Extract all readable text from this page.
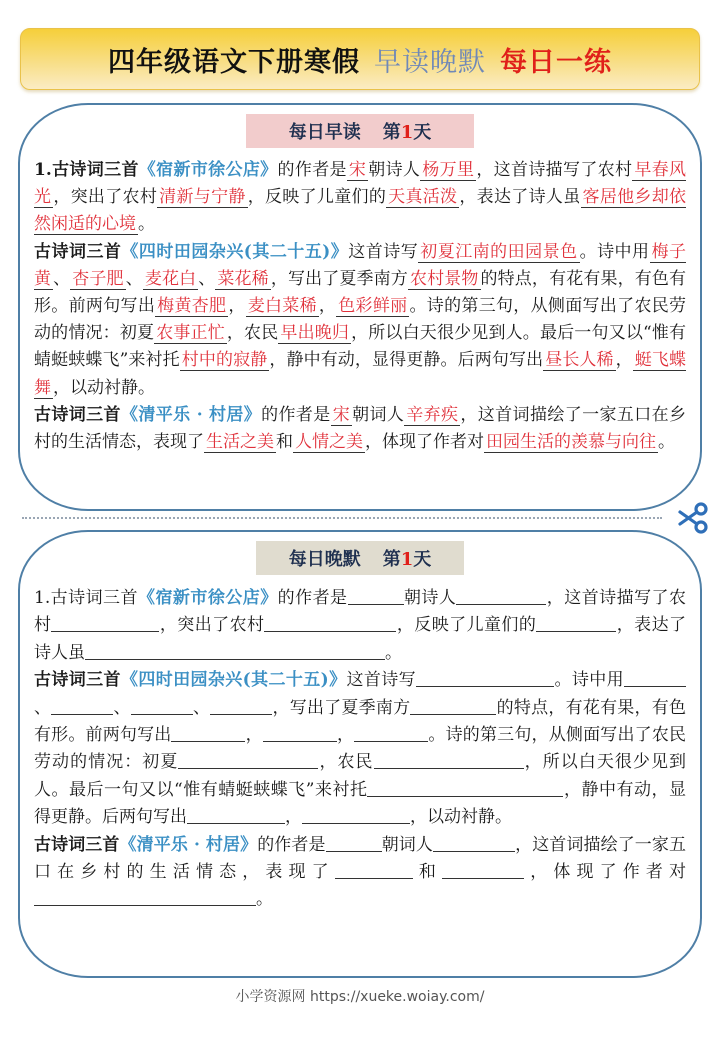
四年级语文下册寒假 早读晚默 每日一练
每日早读 第1天

1.古诗词三首《宿新市徐公店》的作者是 宋 朝诗人 杨万里 ，这首诗描写了农村 早春风光 ，突出了农村 清新与宁静 ，反映了儿童们的 天真活泼 ，表达了诗人虽 客居他乡却依然闲适的心境 。

古诗词三首《四时田园杂兴(其二十五)》这首诗写 初夏江南的田园景色 。诗中用 梅子黄 、 杏子肥 、 麦花白 、 菜花稀 ，写出了夏季南方 农村景物 的特点，有花有果，有色有形。前两句写出 梅黄杏肥 ， 麦白菜稀 ， 色彩鲜丽 。诗的第三句，从侧面写出了农民劳动的情况：初夏 农事正忙 ，农民 早出晚归 ，所以白天很少见到人。最后一句又以“惟有蜻蜓蛱蝶飞”来衬托 村中的寂静 ，静中有动，显得更静。后两句写出 昼长人稀 ， 蜓飞蝶舞 ，以动衬静。

古诗词三首《清平乐 · 村居》的作者是 宋 朝词人 辛弃疾 ，这首词描绘了一家五口在乡村的生活情态，表现了 生活之美 和 人情之美 ，体现了作者对 田园生活的羡慕与向往 。

每日晚默 第1天

1.古诗词三首《宿新市徐公店》的作者是	朝诗人	，这首诗描写了农村	，突出了农村	，反映了儿童们的	，表达了诗人虽	。

古诗词三首《四时田园杂兴(其二十五)》这首诗写	。诗中用、	、	、	，写出了夏季南方	的特点，有花有果，有色有形。前两句写出	，	，	。诗的第三句，从侧面写出了农民劳动的情况：初夏	，农民	，所以白天很少见到人。最后一句又以“惟有蜻蜓蛱蝶飞”来衬托	，静中有动，显得更静。后两句写出	，	，以动衬静。

古诗词三首《清平乐 · 村居》的作者是	朝词人	，这首词描绘了一家五口在乡村的生活情态，表现了	和	，体现了作者对。

小学资源网 https://xueke.woiay.com/
